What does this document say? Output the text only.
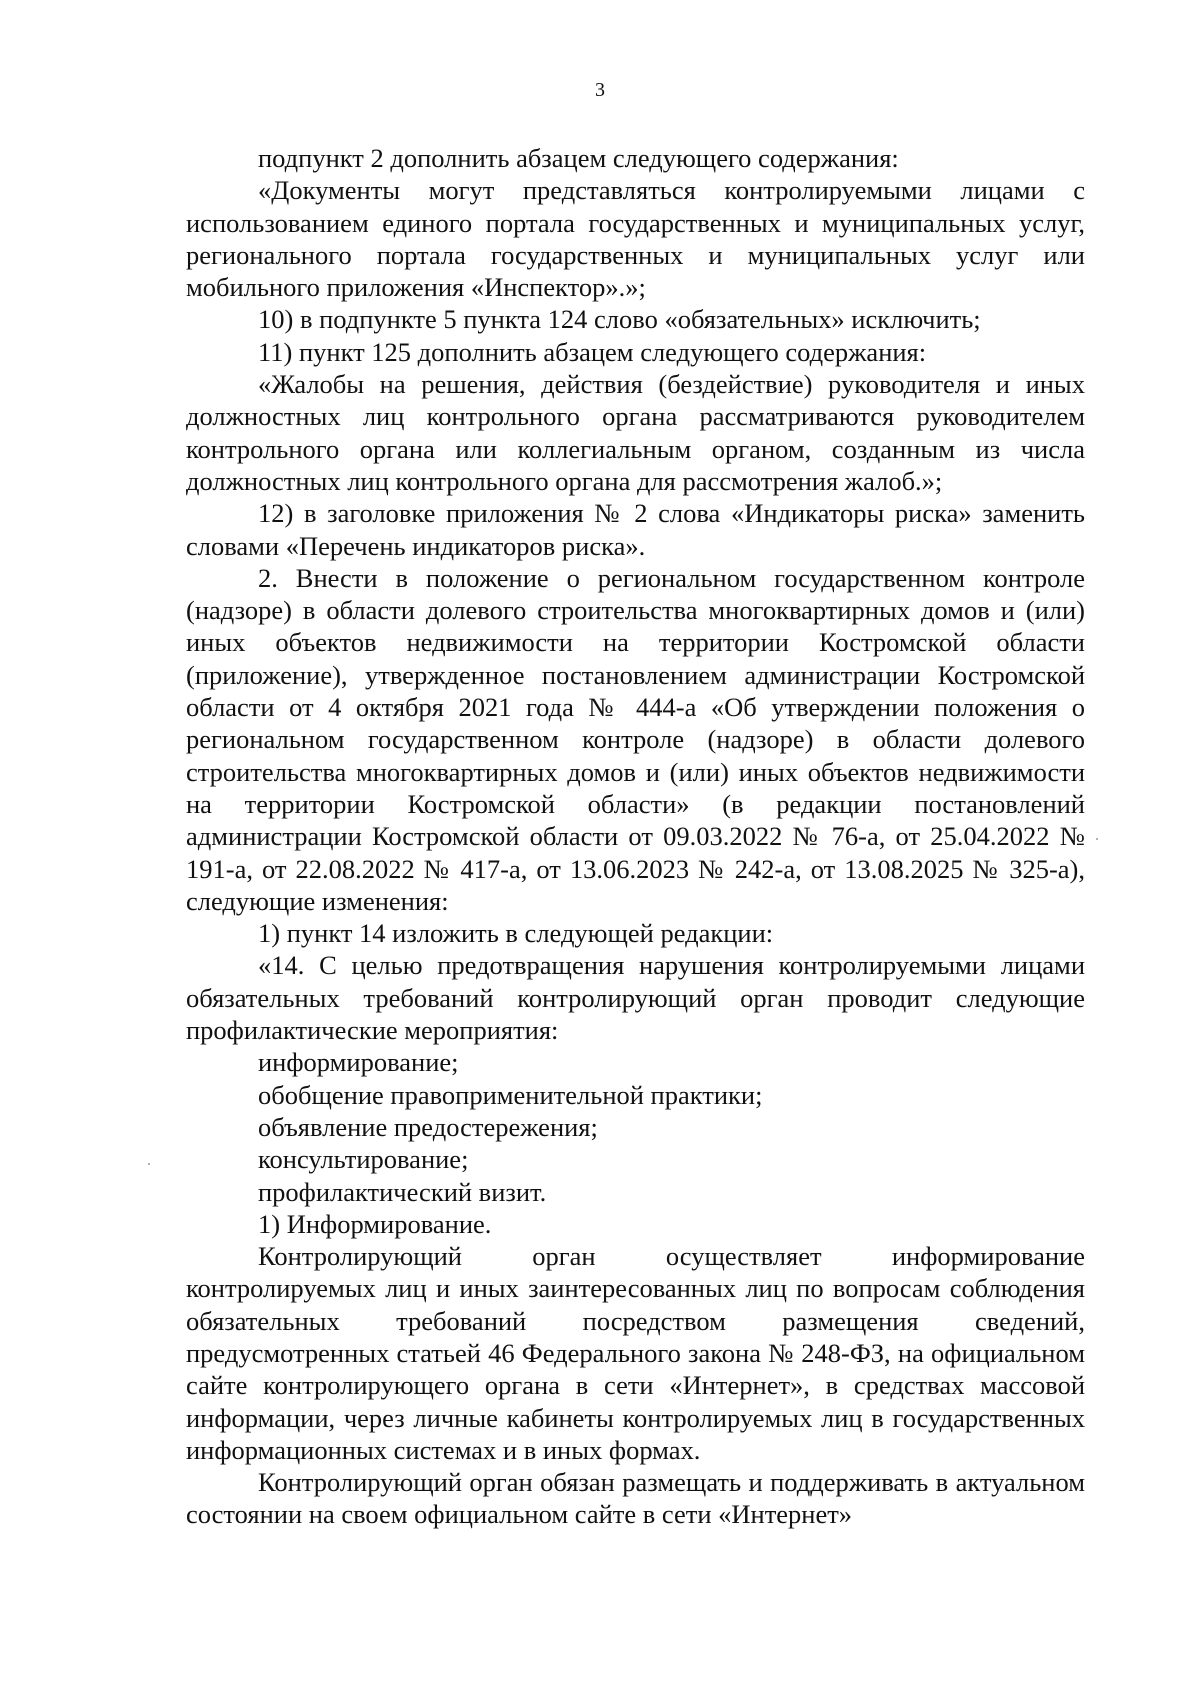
3

подпункт 2 дополнить абзацем следующего содержания:

«Документы могут представляться контролируемыми лицами с использованием единого портала государственных и муниципальных услуг, регионального портала государственных и муниципальных услуг или мобильного приложения «Инспектор».»;

10) в подпункте 5 пункта 124 слово «обязательных» исключить;

11) пункт 125 дополнить абзацем следующего содержания:

«Жалобы на решения, действия (бездействие) руководителя и иных должностных лиц контрольного органа рассматриваются руководителем контрольного органа или коллегиальным органом, созданным из числа должностных лиц контрольного органа для рассмотрения жалоб.»;

12) в заголовке приложения № 2 слова «Индикаторы риска» заменить словами «Перечень индикаторов риска».

2. Внести в положение о региональном государственном контроле (надзоре) в области долевого строительства многоквартирных домов и (или) иных объектов недвижимости на территории Костромской области (приложение), утвержденное постановлением администрации Костромской области от 4 октября 2021 года № 444-а «Об утверждении положения о региональном государственном контроле (надзоре) в области долевого строительства многоквартирных домов и (или) иных объектов недвижимости на территории Костромской области» (в редакции постановлений администрации Костромской области от 09.03.2022 № 76-а, от 25.04.2022 № 191-а, от 22.08.2022 № 417-а, от 13.06.2023 № 242-а, от 13.08.2025 № 325-а), следующие изменения:

1) пункт 14 изложить в следующей редакции:

«14. С целью предотвращения нарушения контролируемыми лицами обязательных требований контролирующий орган проводит следующие профилактические мероприятия:

информирование;

обобщение правоприменительной практики;

объявление предостережения;

консультирование;

профилактический визит.

1) Информирование.

Контролирующий орган осуществляет информирование контролируемых лиц и иных заинтересованных лиц по вопросам соблюдения обязательных требований посредством размещения сведений, предусмотренных статьей 46 Федерального закона № 248-ФЗ, на официальном сайте контролирующего органа в сети «Интернет», в средствах массовой информации, через личные кабинеты контролируемых лиц в государственных информационных системах и в иных формах.

Контролирующий орган обязан размещать и поддерживать в актуальном состоянии на своем официальном сайте в сети «Интернет»
